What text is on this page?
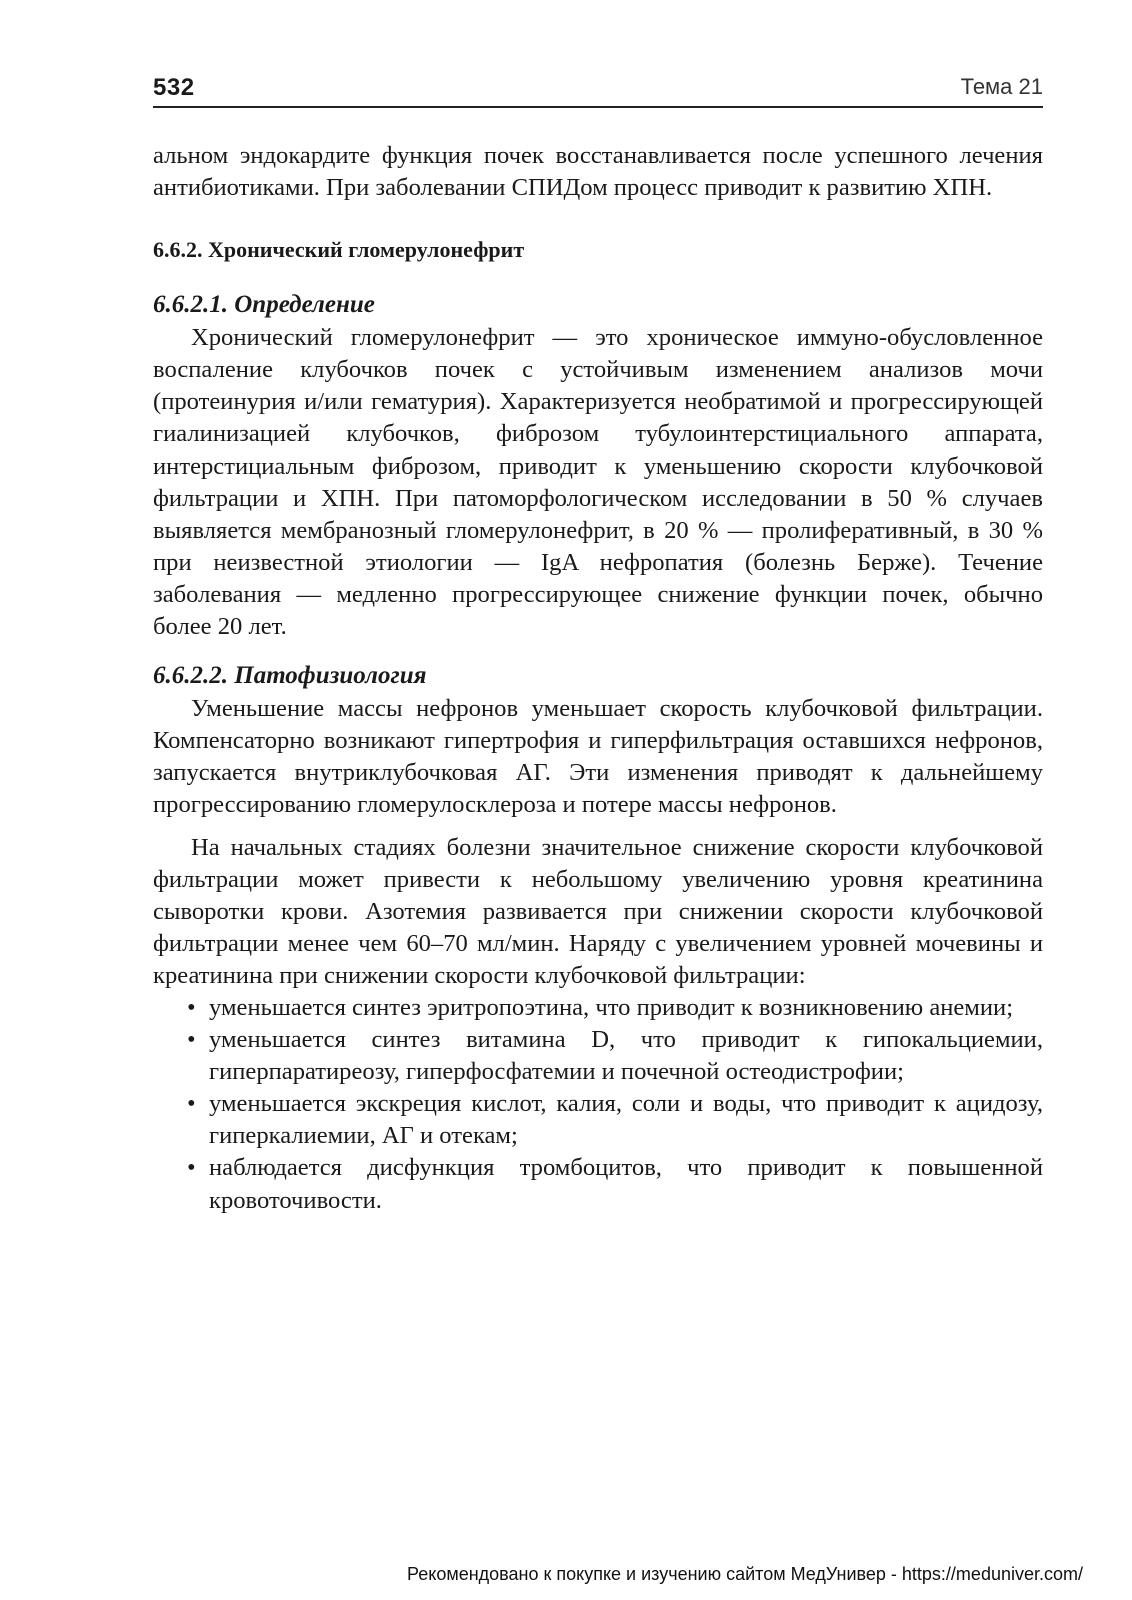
532	Тема 21

альном эндокардите функция почек восстанавливается после успешного лечения антибиотиками. При заболевании СПИДом процесс приводит к развитию ХПН.

6.6.2. Хронический гломерулонефрит
6.6.2.1. Определение

Хронический гломерулонефрит — это хроническое иммуно-обусловленное воспаление клубочков почек с устойчивым изменением анализов мочи (протеинурия и/или гематурия). Характеризуется необратимой и прогрессирующей гиалинизацией клубочков, фиброзом тубулоинтерстициального аппарата, интерстициальным фиброзом, приводит к уменьшению скорости клубочковой фильтрации и ХПН. При патоморфологическом исследовании в 50 % случаев выявляется мембранозный гломерулонефрит, в 20 % — пролиферативный, в 30 % при неизвестной этиологии — IgA нефропатия (болезнь Берже). Течение заболевания — медленно прогрессирующее снижение функции почек, обычно более 20 лет.

6.6.2.2. Патофизиология

Уменьшение массы нефронов уменьшает скорость клубочковой фильтрации. Компенсаторно возникают гипертрофия и гиперфильтрация оставшихся нефронов, запускается внутриклубочковая АГ. Эти изменения приводят к дальнейшему прогрессированию гломерулосклероза и потере массы нефронов.

На начальных стадиях болезни значительное снижение скорости клубочковой фильтрации может привести к небольшому увеличению уровня креатинина сыворотки крови. Азотемия развивается при снижении скорости клубочковой фильтрации менее чем 60–70 мл/мин. Наряду с увеличением уровней мочевины и креатинина при снижении скорости клубочковой фильтрации:

• уменьшается синтез эритропоэтина, что приводит к возникновению анемии;
• уменьшается синтез витамина D, что приводит к гипокальциемии, гиперпаратиреозу, гиперфосфатемии и почечной остеодистрофии;
• уменьшается экскреция кислот, калия, соли и воды, что приводит к ацидозу, гиперкалиемии, АГ и отекам;
• наблюдается дисфункция тромбоцитов, что приводит к повышенной кровоточивости.
Рекомендовано к покупке и изучению сайтом МедУнивер - https://meduniver.com/
